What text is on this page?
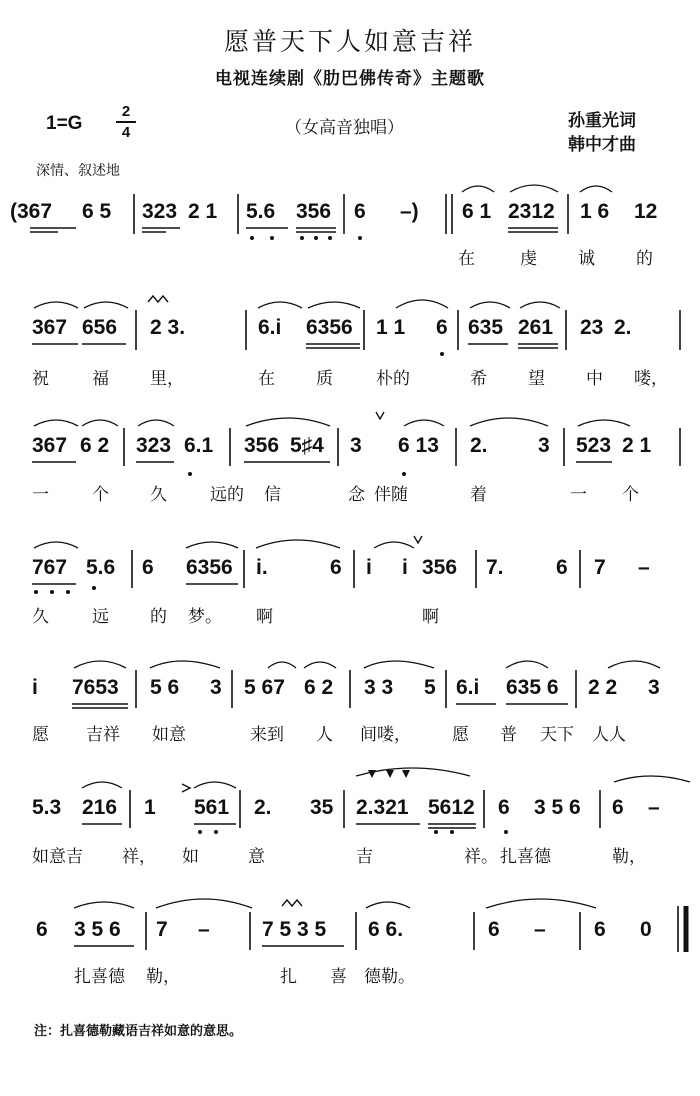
愿普天下人如意吉祥
电视连续剧《肋巴佛传奇》主题歌
1=G
2
4	（女高音独唱）	孙重光词
韩中才曲
深情、叙述地
(367 6 5 323 2 1 5.6 356 6 –) 6 1 2312 1 6 12
在	虔 诚 的
367 656 2 3.	6.i 6356 1 1 6 635 261 23 2.
祝	福 里，	在 质	朴的	希 望 中 喽，
367 6 2 323 6.1 356 5♯4 3 6 13 2. 3 523 2 1
一	个 久	远的 信	念 伴随	着	一 个
767 5.6 6 6356 i.	6 i i 356 7. 6 7 –
久	远 的 梦。 啊	啊
i 7653 5 6 3 5 67 6 2 3 3 5 6.i 635 6 2 2 3
愿 吉祥 如意	来到 人 间喽， 愿 普 天下 人人
5.3 216 1 561 2. 35 2.321 5612 6 3 5 6 6 –
如意吉 祥， 如	意	吉	祥。 扎喜德	勒，
6 3 5 6 7 – 7 5 3 5 6 6.	6 – 6 0
扎喜德 勒，	扎 喜 德勒。
注：扎喜德勒藏语吉祥如意的意思。
